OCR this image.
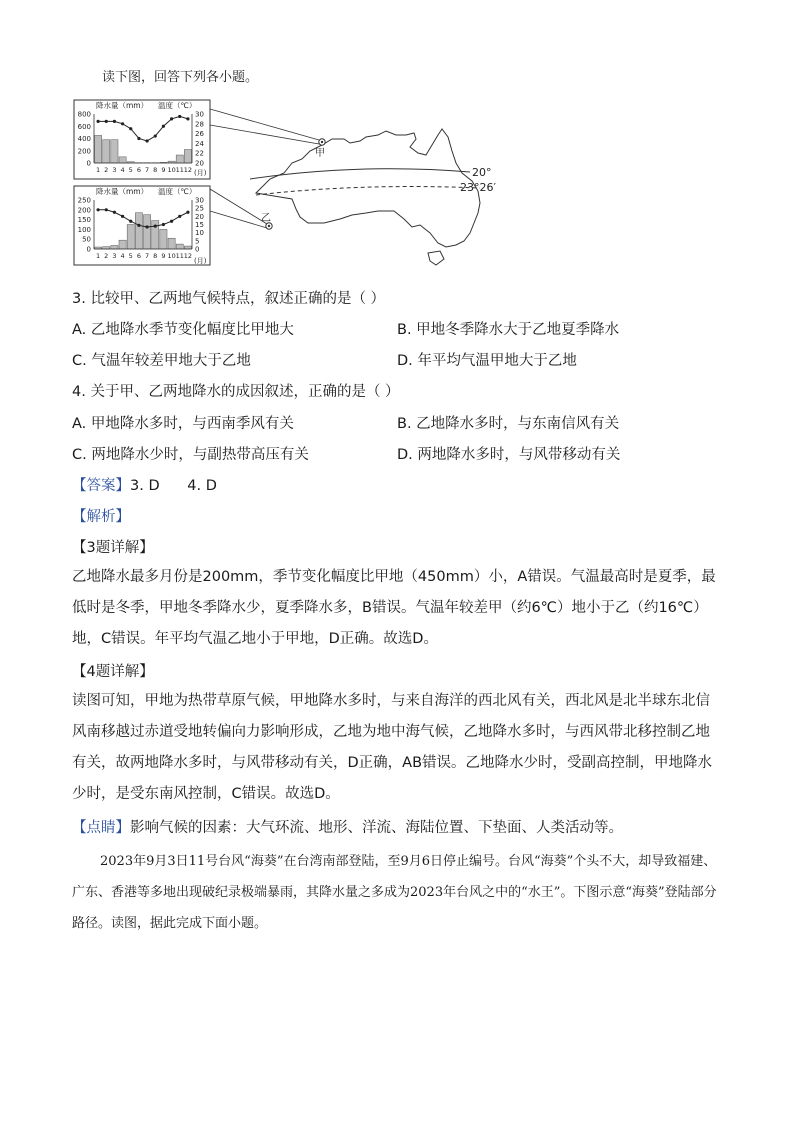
读下图，回答下列各小题。
降水量（mm） 温度（℃）
800
600
400
200
0
30
28
26
24
22
20
1 2 3 4 5 6 7 8 9 10 11 12 (月)
降水量（mm） 温度（℃）
250
200
150
100
50
0
30
25
20
15
10
5
0
1 2 3 4 5 6 7 8 9 10 11 12
(月)
20°
23°26′
甲
乙
3. 比较甲、乙两地气候特点，叙述正确的是（ ）
A. 乙地降水季节变化幅度比甲地大	B. 甲地冬季降水大于乙地夏季降水
C. 气温年较差甲地大于乙地	D. 年平均气温甲地大于乙地
4. 关于甲、乙两地降水的成因叙述，正确的是（ ）
A. 甲地降水多时，与西南季风有关	B. 乙地降水多时，与东南信风有关
C. 两地降水少时，与副热带高压有关	D. 两地降水多时，与风带移动有关
【答案】3. D      4. D
【解析】
【3题详解】
乙地降水最多月份是200mm，季节变化幅度比甲地（450mm）小，A错误。气温最高时是夏季，最低时是冬季，甲地冬季降水少，夏季降水多，B错误。气温年较差甲（约6℃）地小于乙（约16℃）地，C错误。年平均气温乙地小于甲地，D正确。故选D。
【4题详解】
读图可知，甲地为热带草原气候，甲地降水多时，与来自海洋的西北风有关，西北风是北半球东北信风南移越过赤道受地转偏向力影响形成，乙地为地中海气候，乙地降水多时，与西风带北移控制乙地有关，故两地降水多时，与风带移动有关，D正确，AB错误。乙地降水少时，受副高控制，甲地降水少时，是受东南风控制，C错误。故选D。
【点睛】影响气候的因素：大气环流、地形、洋流、海陆位置、下垫面、人类活动等。
2023年9月3日11号台风“海葵”在台湾南部登陆，至9月6日停止编号。台风“海葵”个头不大，却导致福建、广东、香港等多地出现破纪录极端暴雨，其降水量之多成为2023年台风之中的“水王”。下图示意“海葵”登陆部分路径。读图，据此完成下面小题。
